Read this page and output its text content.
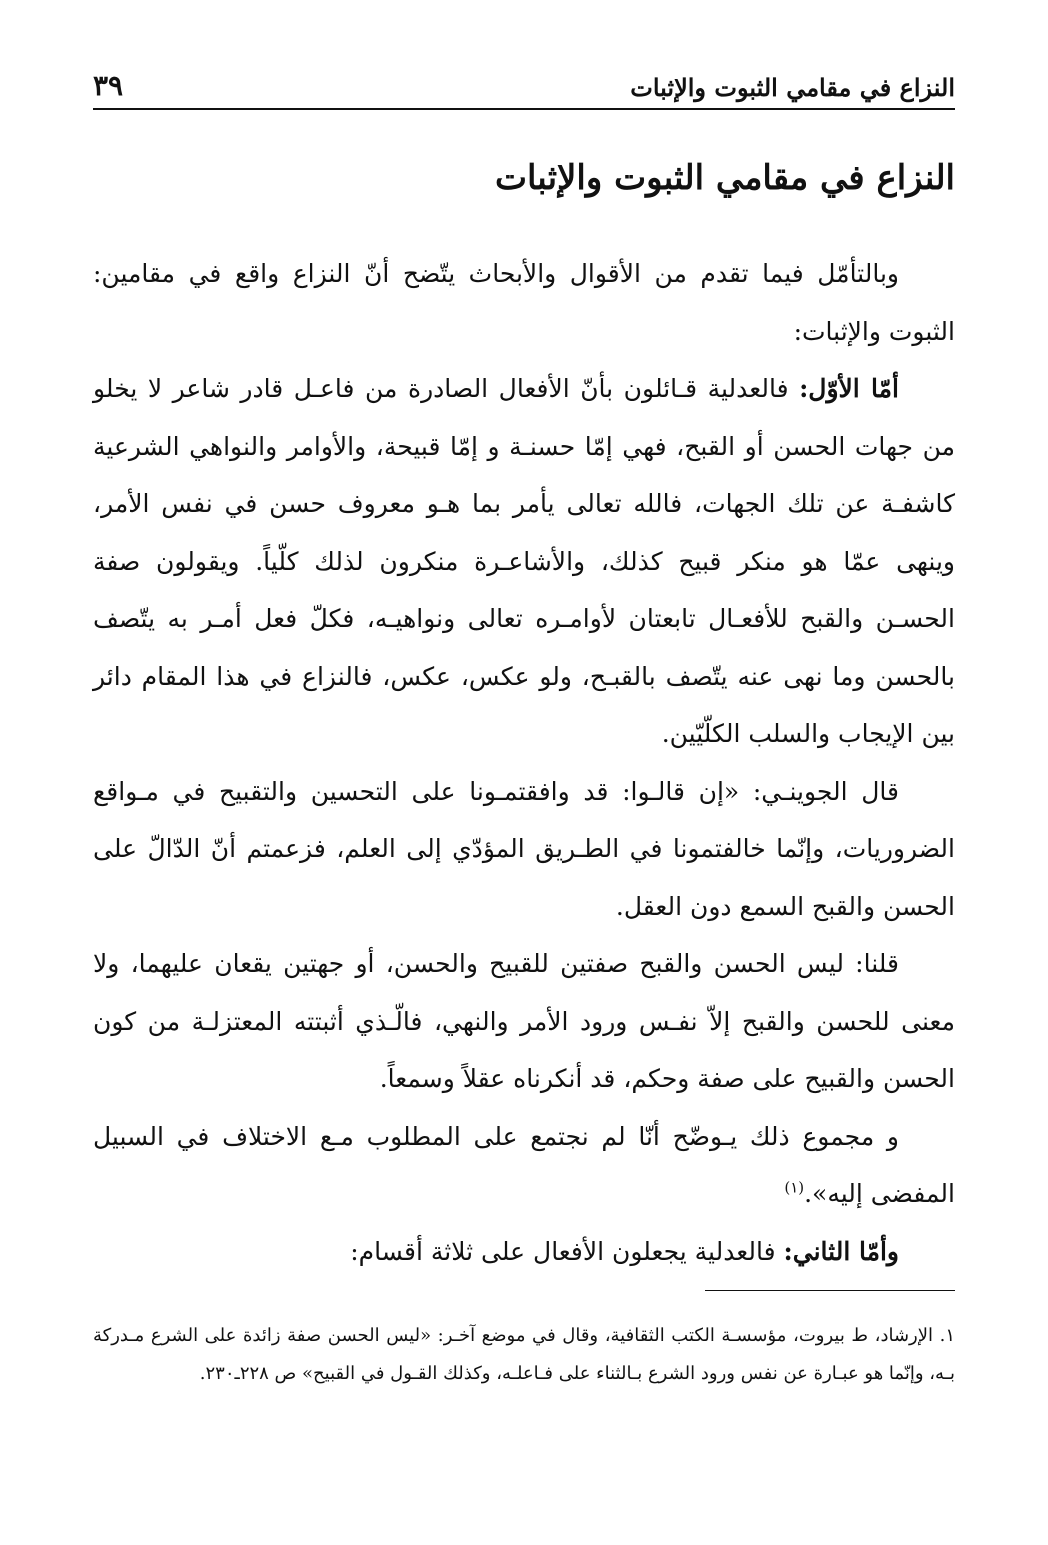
النزاع في مقامي الثبوت والإثبات
٣٩
النزاع في مقامي الثبوت والإثبات

وبالتأمّل فيما تقدم من الأقوال والأبحاث يتّضح أنّ النزاع واقع في مقامين: الثبوت والإثبات:

أمّا الأوّل: فالعدلية قـائلون بأنّ الأفعال الصادرة من فاعـل قادر شاعر لا يخلو من جهات الحسن أو القبح، فهي إمّا حسنـة و إمّا قبيحة، والأوامر والنواهي الشرعية كاشفـة عن تلك الجهات، فالله تعالى يأمر بما هـو معروف حسن في نفس الأمر، وينهى عمّا هو منكر قبيح كذلك، والأشاعـرة منكرون لذلك كلّياً. ويقولون صفة الحسـن والقبح للأفعـال تابعتان لأوامـره تعالى ونواهيـه، فكلّ فعل أمـر به يتّصف بالحسن وما نهى عنه يتّصف بالقبـح، ولو عكس، عكس، فالنزاع في هذا المقام دائر بين الإيجاب والسلب الكلّيّين.

قال الجوينـي: «إن قالـوا: قد وافقتمـونا على التحسين والتقبيح في مـواقع الضروريات، وإنّما خالفتمونا في الطـريق المؤدّي إلى العلم، فزعمتم أنّ الدّالّ على الحسن والقبح السمع دون العقل.

قلنا: ليس الحسن والقبح صفتين للقبيح والحسن، أو جهتين يقعان عليهما، ولا معنى للحسن والقبح إلاّ نفـس ورود الأمر والنهي، فالّـذي أثبتته المعتزلـة من كون الحسن والقبيح على صفة وحكم، قد أنكرناه عقلاً وسمعاً.

و مجموع ذلك يـوضّح أنّا لم نجتمع على المطلوب مـع الاختلاف في السبيل المفضى إليه».$^{(١)}$

وأمّا الثاني: فالعدلية يجعلون الأفعال على ثلاثة أقسام:

١. الإرشاد، ط بيروت، مؤسسـة الكتب الثقافية، وقال في موضع آخـر: «ليس الحسن صفة زائدة على الشرع مـدركة بـه، وإنّما هو عبـارة عن نفس ورود الشرع بـالثناء على فـاعلـه، وكذلك القـول في القبيح» ص ٢٢٨ـ٢٣٠.
